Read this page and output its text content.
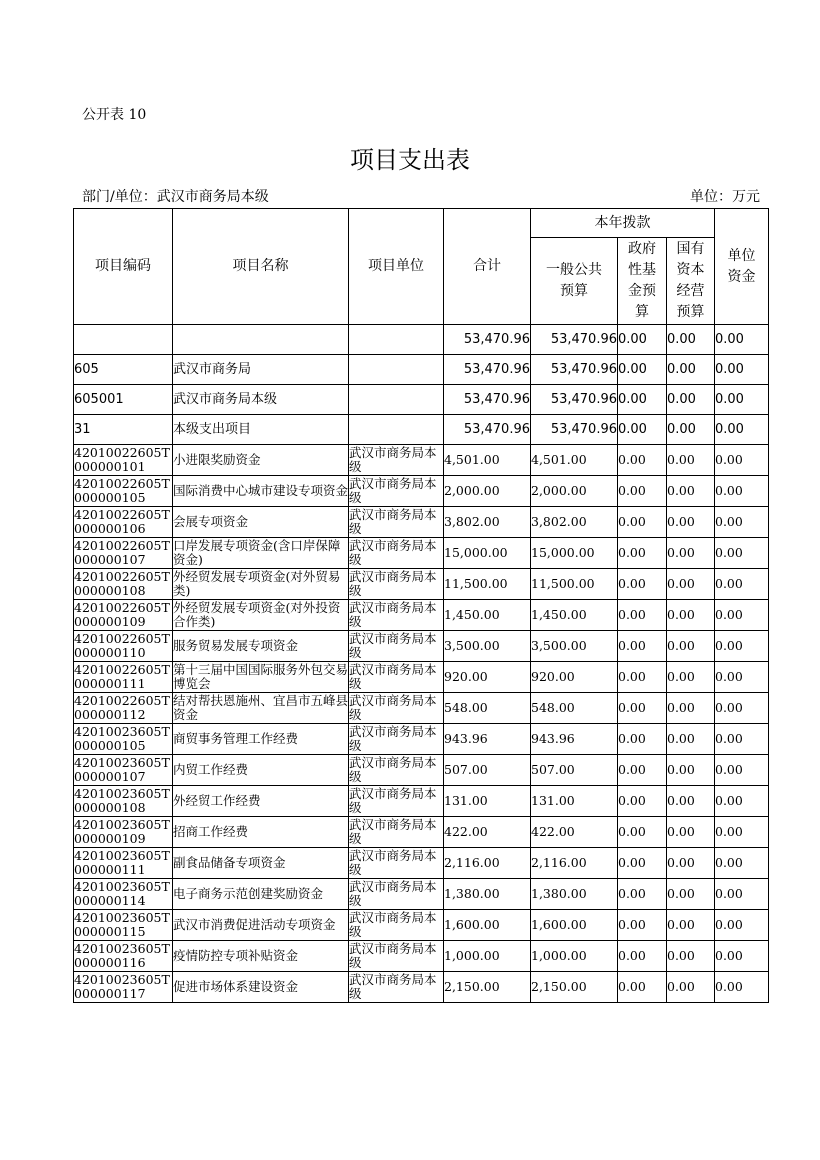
公开表 10
项目支出表
部门/单位：武汉市商务局本级	单位：万元
项目编码	项目名称	项目单位	合计	本年拨款			单位资金

				一般公共预算	政府性基金预算	国有资本经营预算	

			53,470.96	53,470.96	0.00	0.00	0.00
605	武汉市商务局		53,470.96	53,470.96	0.00	0.00	0.00
605001	武汉市商务局本级		53,470.96	53,470.96	0.00	0.00	0.00
31	本级支出项目		53,470.96	53,470.96	0.00	0.00	0.00
42010022605T000000101	小进限奖励资金	武汉市商务局本级	4,501.00	4,501.00	0.00	0.00	0.00
42010022605T000000105	国际消费中心城市建设专项资金	武汉市商务局本级	2,000.00	2,000.00	0.00	0.00	0.00
42010022605T000000106	会展专项资金	武汉市商务局本级	3,802.00	3,802.00	0.00	0.00	0.00
42010022605T000000107	口岸发展专项资金(含口岸保障资金)	武汉市商务局本级	15,000.00	15,000.00	0.00	0.00	0.00
42010022605T000000108	外经贸发展专项资金(对外贸易类)	武汉市商务局本级	11,500.00	11,500.00	0.00	0.00	0.00
42010022605T000000109	外经贸发展专项资金(对外投资合作类)	武汉市商务局本级	1,450.00	1,450.00	0.00	0.00	0.00
42010022605T000000110	服务贸易发展专项资金	武汉市商务局本级	3,500.00	3,500.00	0.00	0.00	0.00
42010022605T000000111	第十三届中国国际服务外包交易博览会	武汉市商务局本级	920.00	920.00	0.00	0.00	0.00
42010022605T000000112	结对帮扶恩施州、宜昌市五峰县资金	武汉市商务局本级	548.00	548.00	0.00	0.00	0.00
42010023605T000000105	商贸事务管理工作经费	武汉市商务局本级	943.96	943.96	0.00	0.00	0.00
42010023605T000000107	内贸工作经费	武汉市商务局本级	507.00	507.00	0.00	0.00	0.00
42010023605T000000108	外经贸工作经费	武汉市商务局本级	131.00	131.00	0.00	0.00	0.00
42010023605T000000109	招商工作经费	武汉市商务局本级	422.00	422.00	0.00	0.00	0.00
42010023605T000000111	副食品储备专项资金	武汉市商务局本级	2,116.00	2,116.00	0.00	0.00	0.00
42010023605T000000114	电子商务示范创建奖励资金	武汉市商务局本级	1,380.00	1,380.00	0.00	0.00	0.00
42010023605T000000115	武汉市消费促进活动专项资金	武汉市商务局本级	1,600.00	1,600.00	0.00	0.00	0.00
42010023605T000000116	疫情防控专项补贴资金	武汉市商务局本级	1,000.00	1,000.00	0.00	0.00	0.00
42010023605T000000117	促进市场体系建设资金	武汉市商务局本级	2,150.00	2,150.00	0.00	0.00	0.00
